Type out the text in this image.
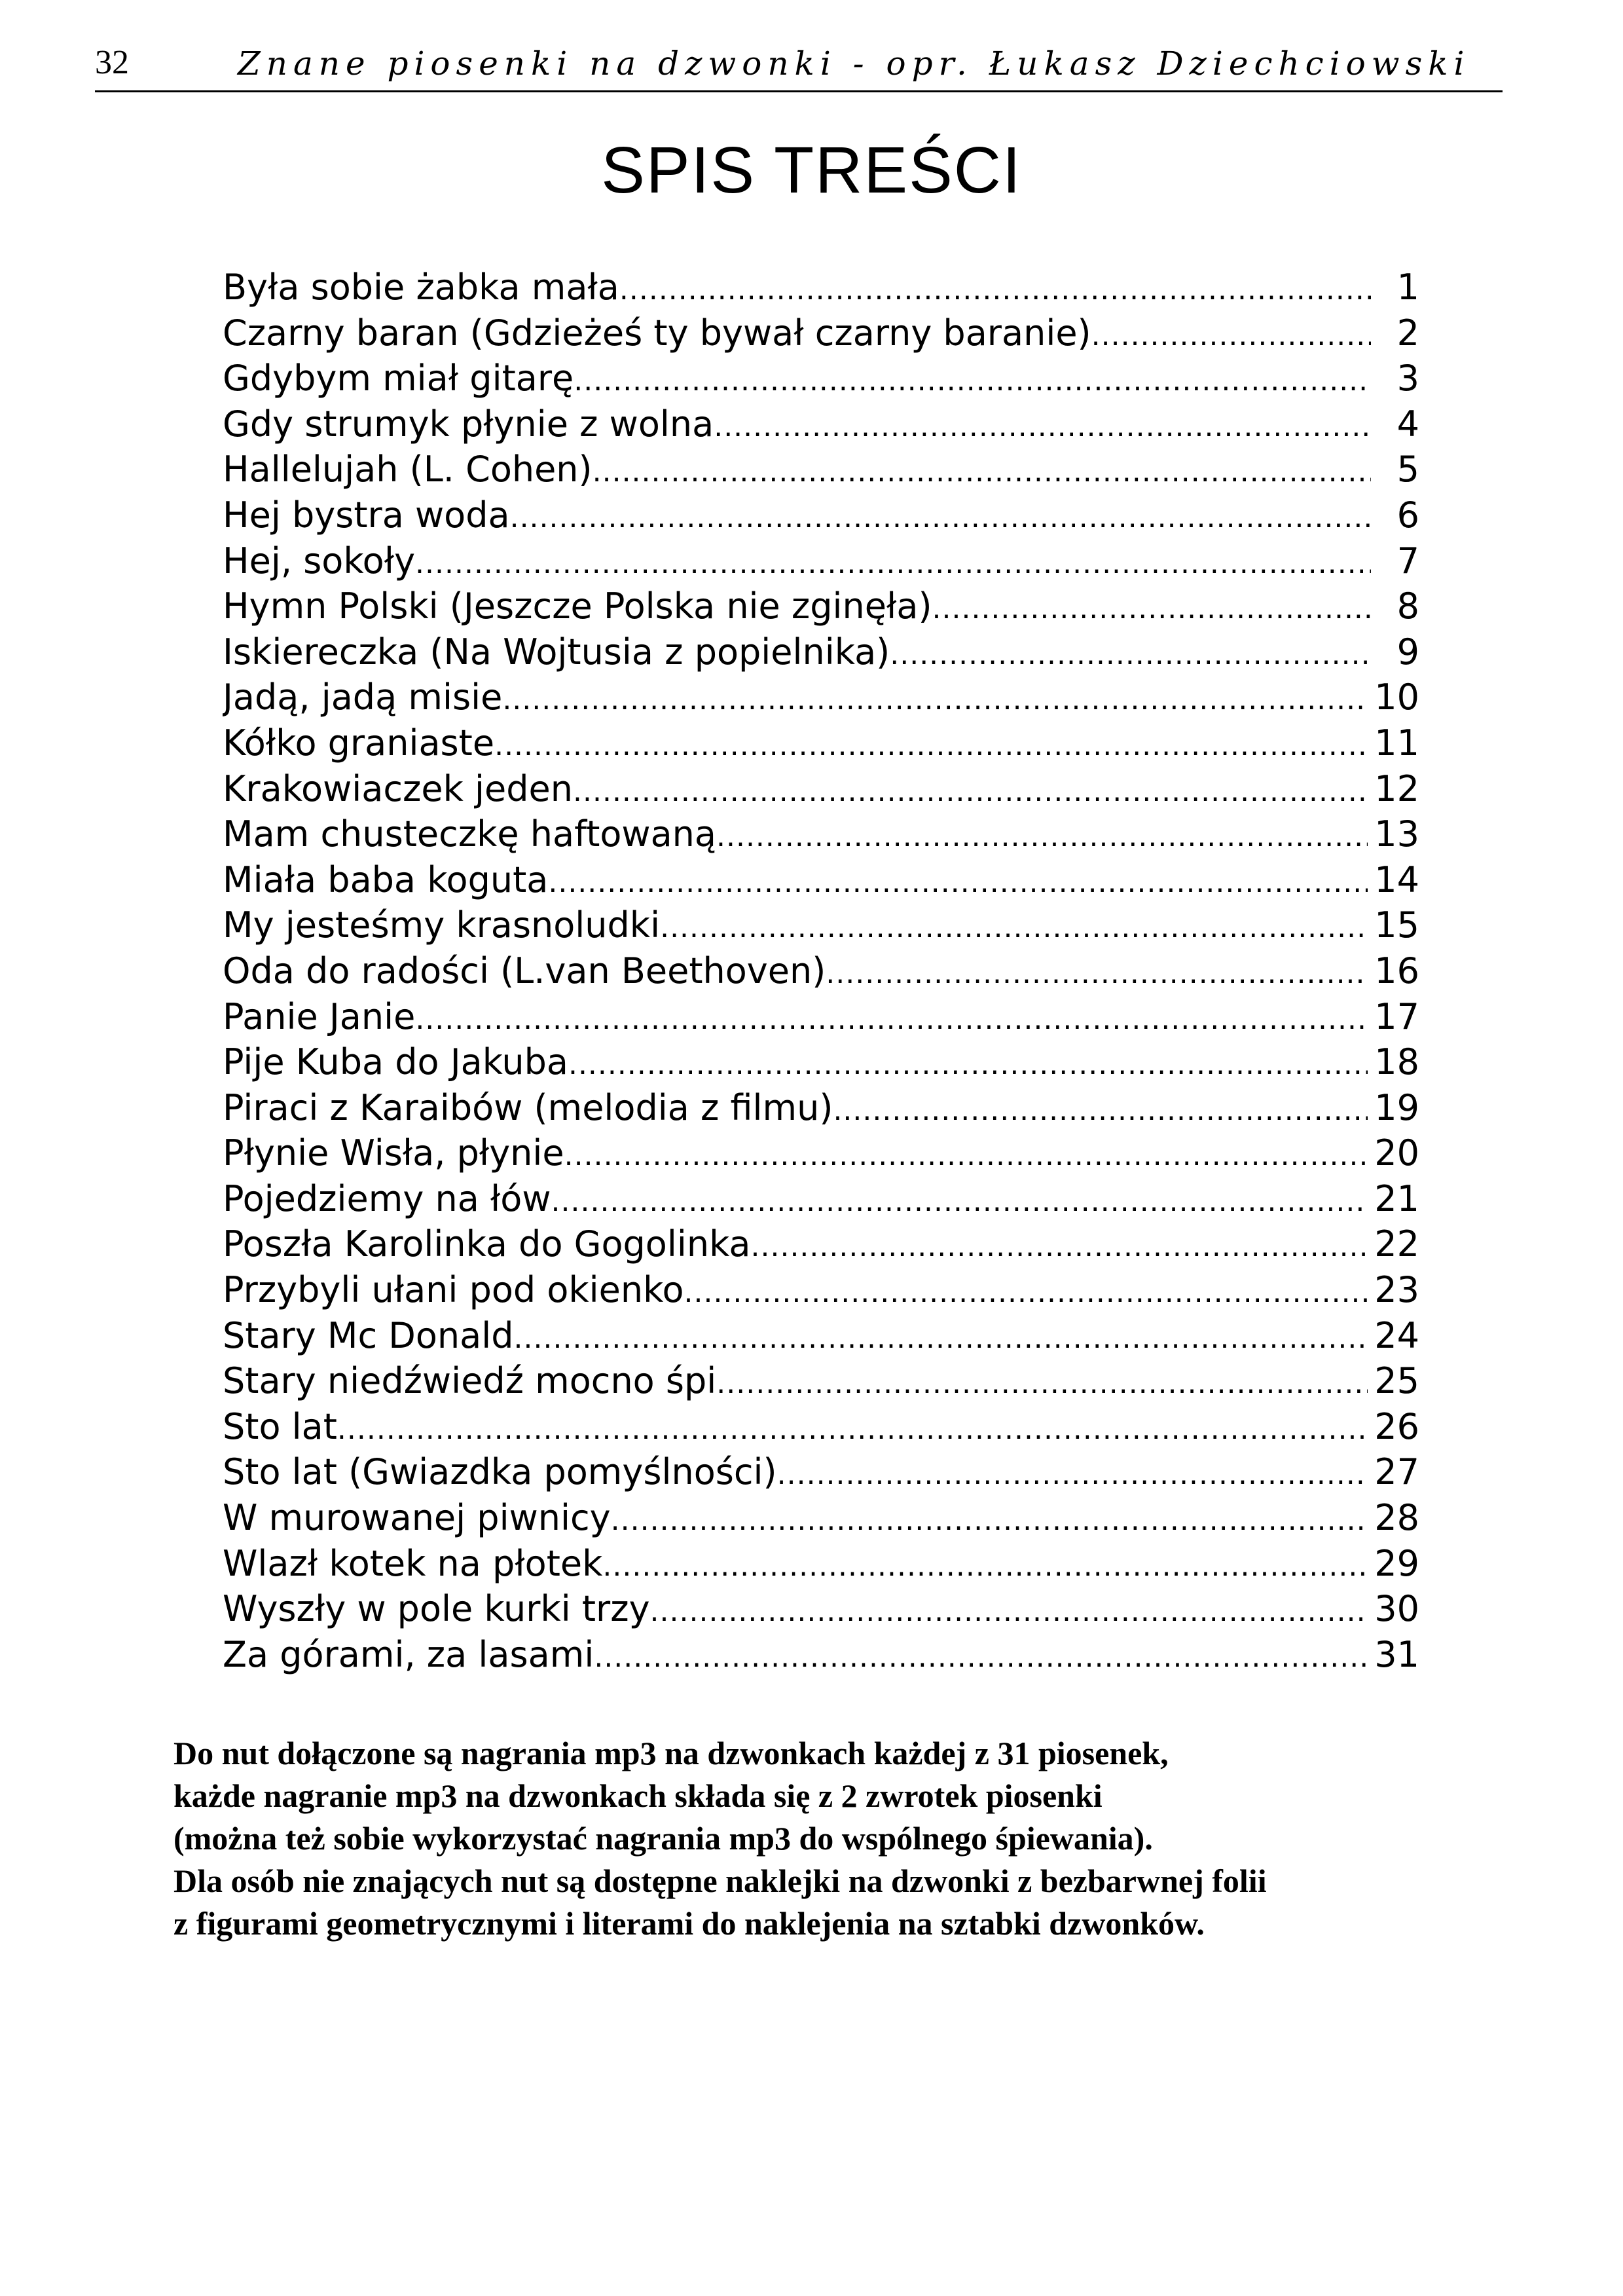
32	Znane piosenki na dzwonki - opr. Łukasz Dziechciowski
SPIS TREŚCI
Była sobie żabka mała .....	1
Czarny baran (Gdzieżeś ty bywał czarny baranie) .....	2
Gdybym miał gitarę .....	3
Gdy strumyk płynie z wolna .....	4
Hallelujah (L. Cohen) .....	5
Hej bystra woda .....	6
Hej, sokoły .....	7
Hymn Polski (Jeszcze Polska nie zginęła) .....	8
Iskiereczka (Na Wojtusia z popielnika) .....	9
Jadą, jadą misie .....	10
Kółko graniaste .....	11
Krakowiaczek jeden .....	12
Mam chusteczkę haftowaną .....	13
Miała baba koguta .....	14
My jesteśmy krasnoludki .....	15
Oda do radości (L.van Beethoven) .....	16
Panie Janie .....	17
Pije Kuba do Jakuba .....	18
Piraci z Karaibów (melodia z filmu) .....	19
Płynie Wisła, płynie .....	20
Pojedziemy na łów .....	21
Poszła Karolinka do Gogolinka .....	22
Przybyli ułani pod okienko .....	23
Stary Mc Donald .....	24
Stary niedźwiedź mocno śpi .....	25
Sto lat .....	26
Sto lat (Gwiazdka pomyślności) .....	27
W murowanej piwnicy .....	28
Wlazł kotek na płotek .....	29
Wyszły w pole kurki trzy .....	30
Za górami, za lasami .....	31
Do nut dołączone są nagrania mp3 na dzwonkach każdej z 31 piosenek,
każde nagranie mp3 na dzwonkach składa się z 2 zwrotek piosenki
(można też sobie wykorzystać nagrania mp3 do wspólnego śpiewania).
Dla osób nie znających nut są dostępne naklejki na dzwonki z bezbarwnej folii
z figurami geometrycznymi i literami do naklejenia na sztabki dzwonków.
